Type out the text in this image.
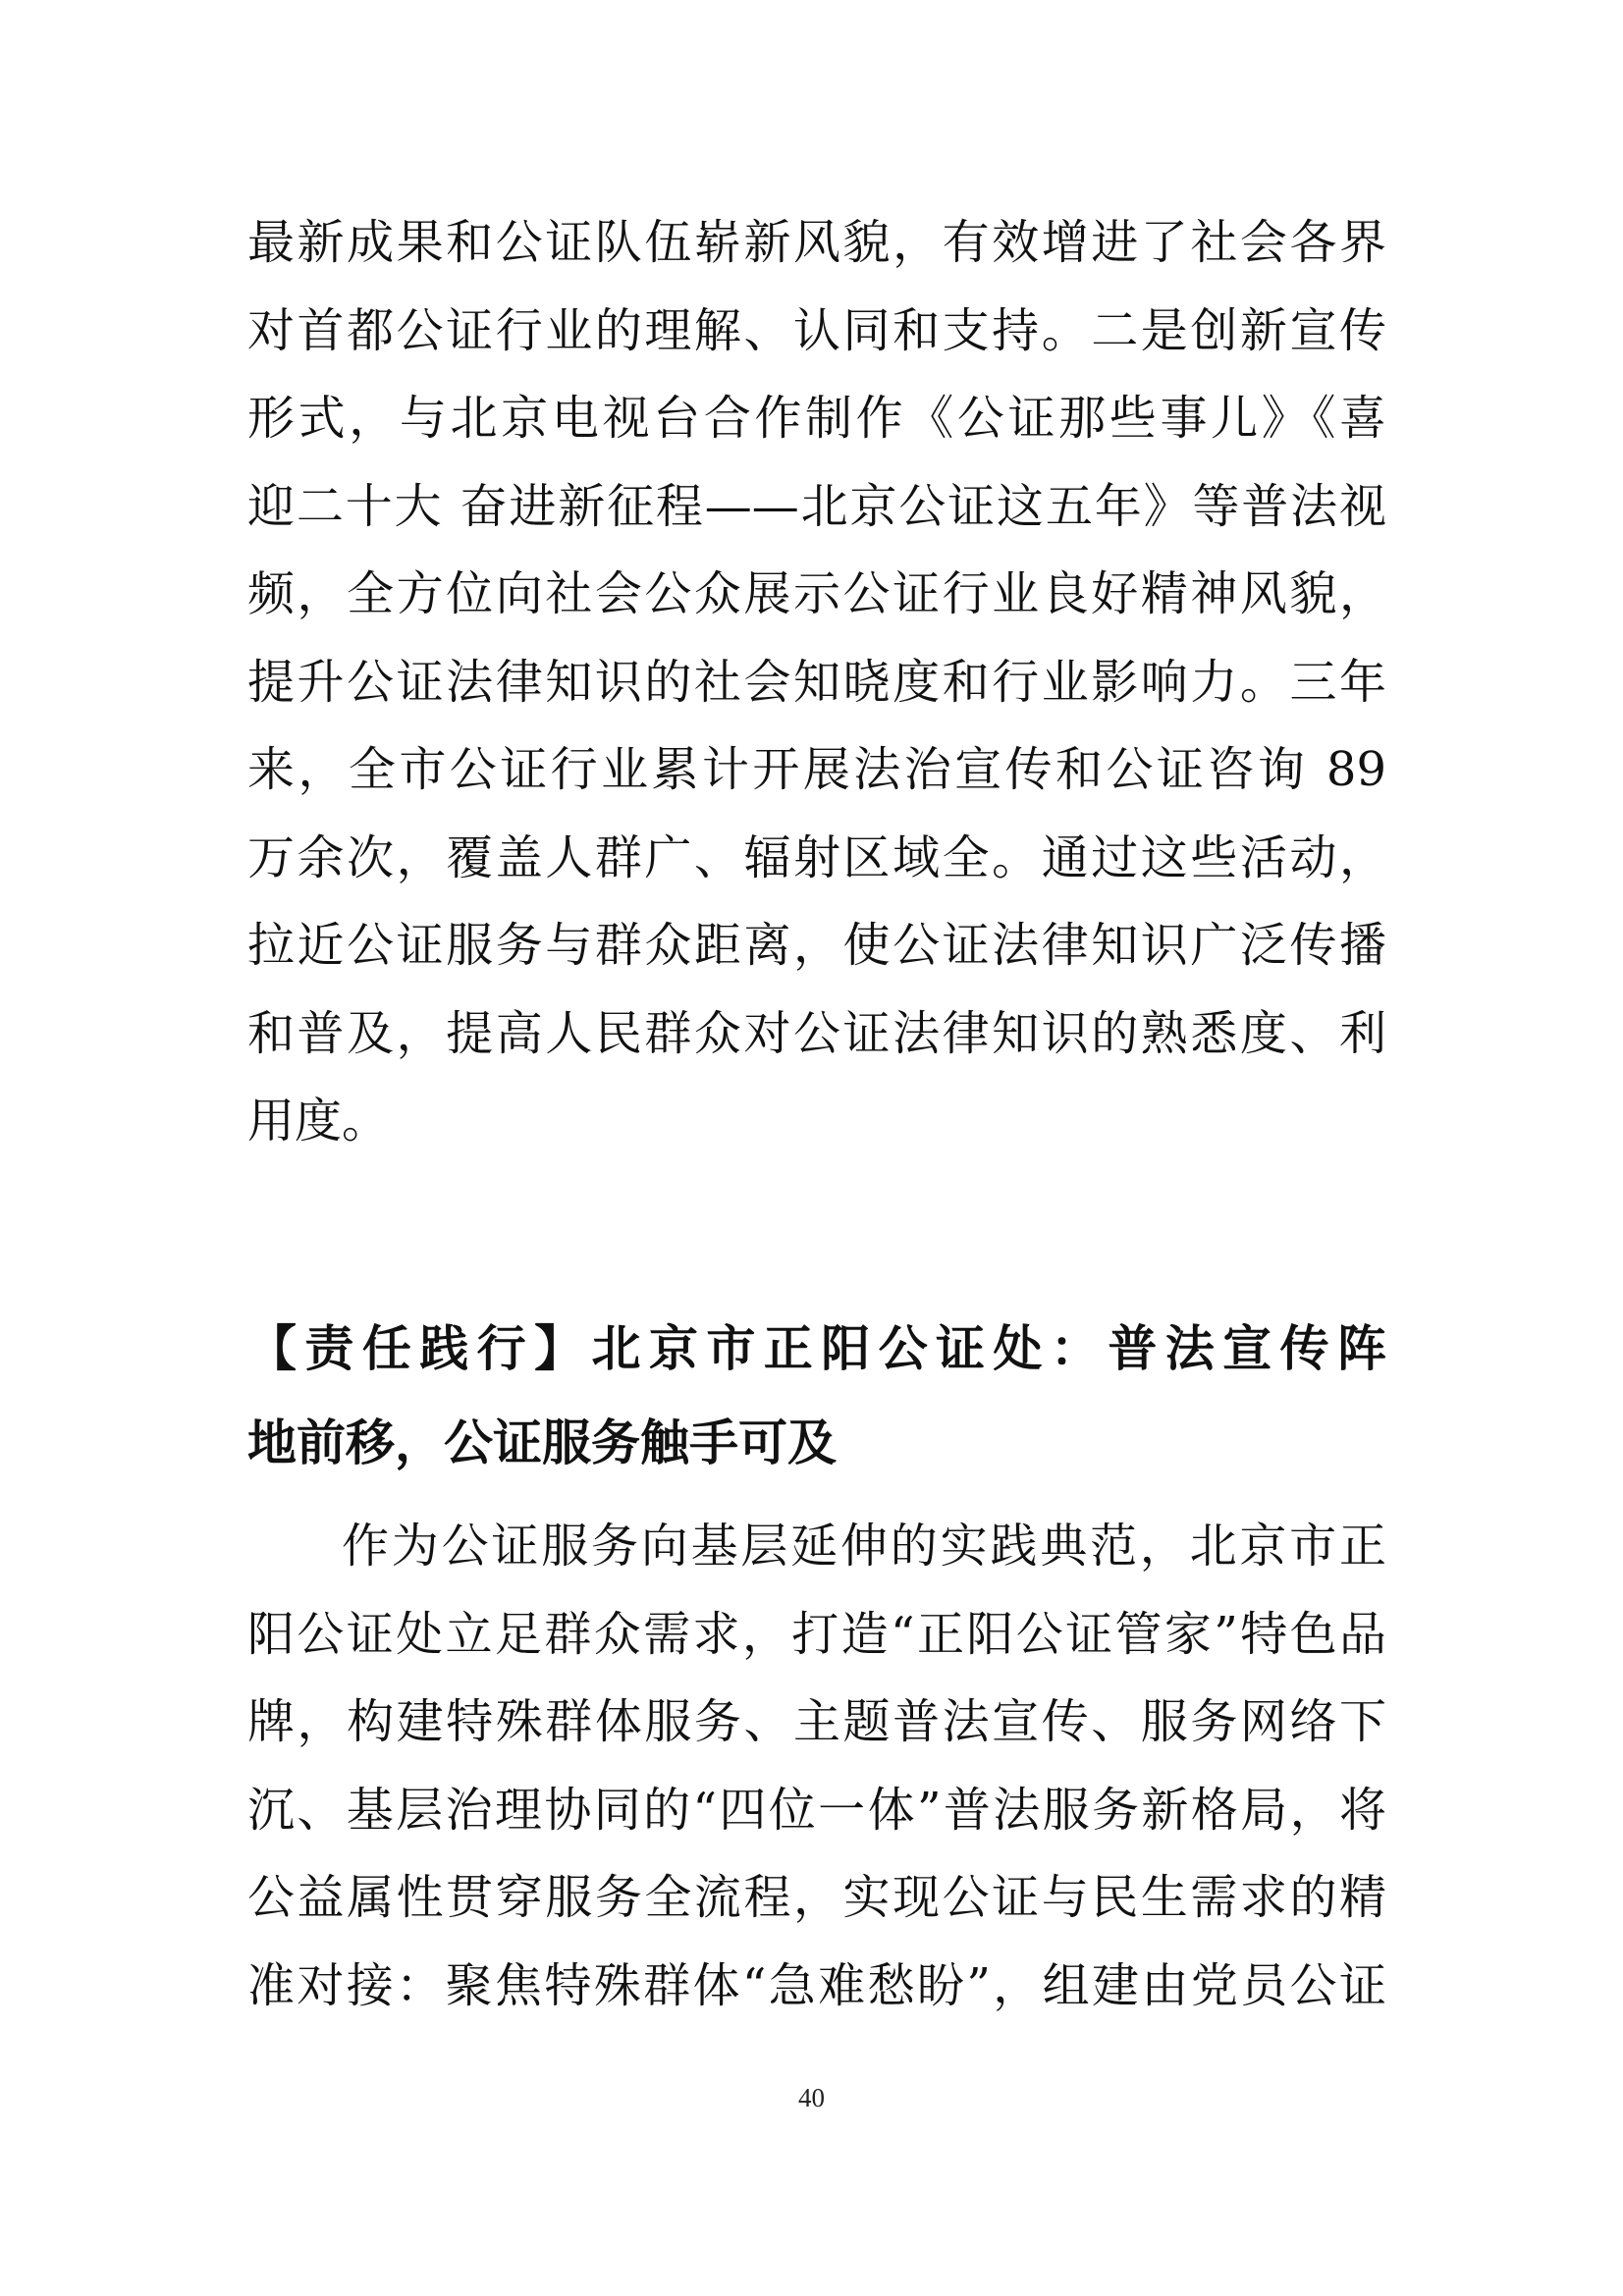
最新成果和公证队伍崭新风貌，有效增进了社会各界
对首都公证行业的理解、认同和支持。二是创新宣传
形式，与北京电视台合作制作《公证那些事儿》《喜
迎二十大 奋进新征程——北京公证这五年》等普法视
频，全方位向社会公众展示公证行业良好精神风貌，
提升公证法律知识的社会知晓度和行业影响力。三年
来，全市公证行业累计开展法治宣传和公证咨询 89
万余次，覆盖人群广、辐射区域全。通过这些活动，
拉近公证服务与群众距离，使公证法律知识广泛传播
和普及，提高人民群众对公证法律知识的熟悉度、利
用度。
【责任践行】北京市正阳公证处：普法宣传阵
地前移，公证服务触手可及
作为公证服务向基层延伸的实践典范，北京市正
阳公证处立足群众需求，打造“正阳公证管家”特色品
牌，构建特殊群体服务、主题普法宣传、服务网络下
沉、基层治理协同的“四位一体”普法服务新格局，将
公益属性贯穿服务全流程，实现公证与民生需求的精
准对接：聚焦特殊群体“急难愁盼”，组建由党员公证
40
